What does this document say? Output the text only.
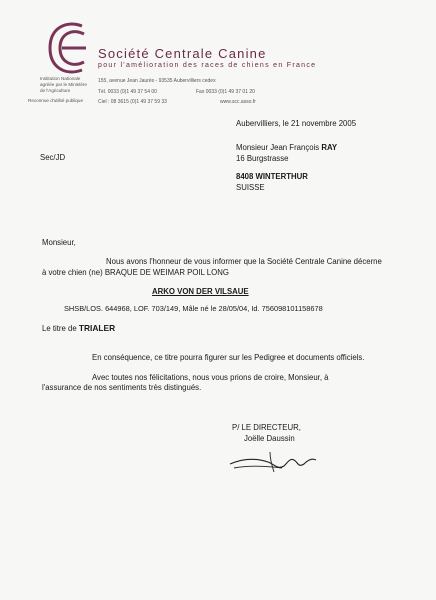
Société Centrale Canine
pour l'amélioration des races de chiens en France
Institution Nationale
agréée par le Ministère
de l'Agriculture
Reconnue d'utilité publique
155, avenue Jean Jaurès - 93535 Aubervilliers cedex
Tél. 0033 (0)1 49 37 54 00	Fax 0033 (0)1 49 37 01 20
Ciel : 08 3615 (0)1 49 37 59 33	www.scc.asso.fr
Aubervilliers, le 21 novembre 2005
Sec/JD
Monsieur Jean François RAY
16 Burgstrasse
8408 WINTERTHUR
SUISSE
Monsieur,
Nous avons l'honneur de vous informer que la Société Centrale Canine décerne
à votre chien (ne) BRAQUE DE WEIMAR POIL LONG
ARKO VON DER VILSAUE
SHSB/LOS. 644968, LOF. 703/149, Mâle né le 28/05/04, Id. 756098101158678
Le titre de TRIALER
En conséquence, ce titre pourra figurer sur les Pedigree et documents officiels.
Avec toutes nos félicitations, nous vous prions de croire, Monsieur, à
l'assurance de nos sentiments très distingués.
P/ LE DIRECTEUR,
Joëlle Daussin
